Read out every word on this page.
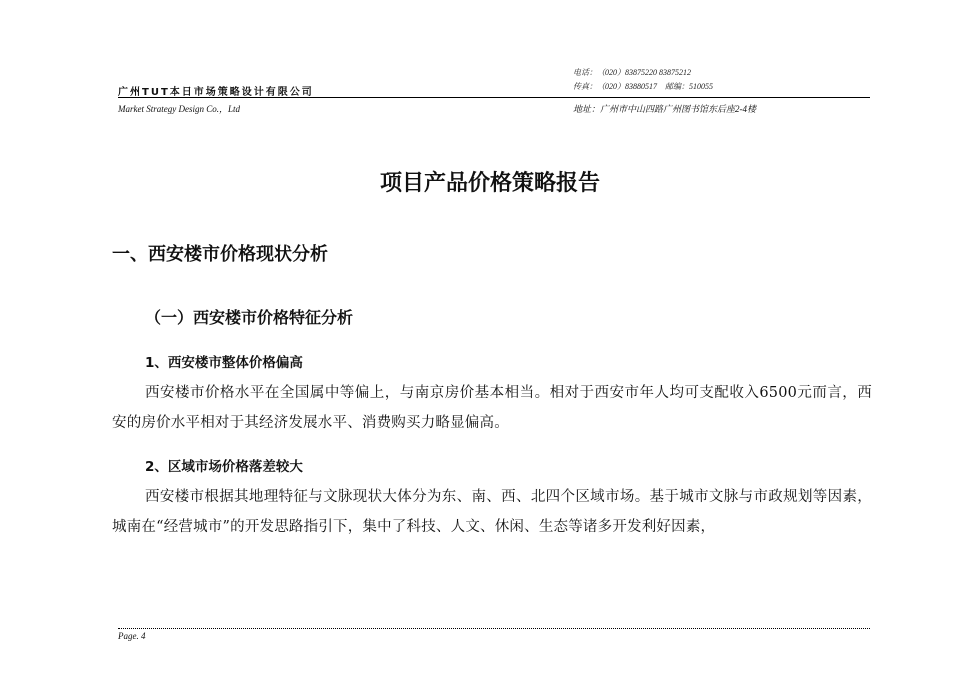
电话：（020）83875220 83875212
传真：（020）83880517　邮编：510055
广州TUT本日市场策略设计有限公司
Market Strategy Design Co.，Ltd	地址：广州市中山四路广州图书馆东后座2-4楼
项目产品价格策略报告
一、西安楼市价格现状分析
（一）西安楼市价格特征分析
1、西安楼市整体价格偏高
西安楼市价格水平在全国属中等偏上，与南京房价基本相当。相对于西安市年人均可支配收入6500元而言，西安的房价水平相对于其经济发展水平、消费购买力略显偏高。
2、区域市场价格落差较大
西安楼市根据其地理特征与文脉现状大体分为东、南、西、北四个区域市场。基于城市文脉与市政规划等因素，城南在“经营城市”的开发思路指引下，集中了科技、人文、休闲、生态等诸多开发利好因素，
Page. 4
